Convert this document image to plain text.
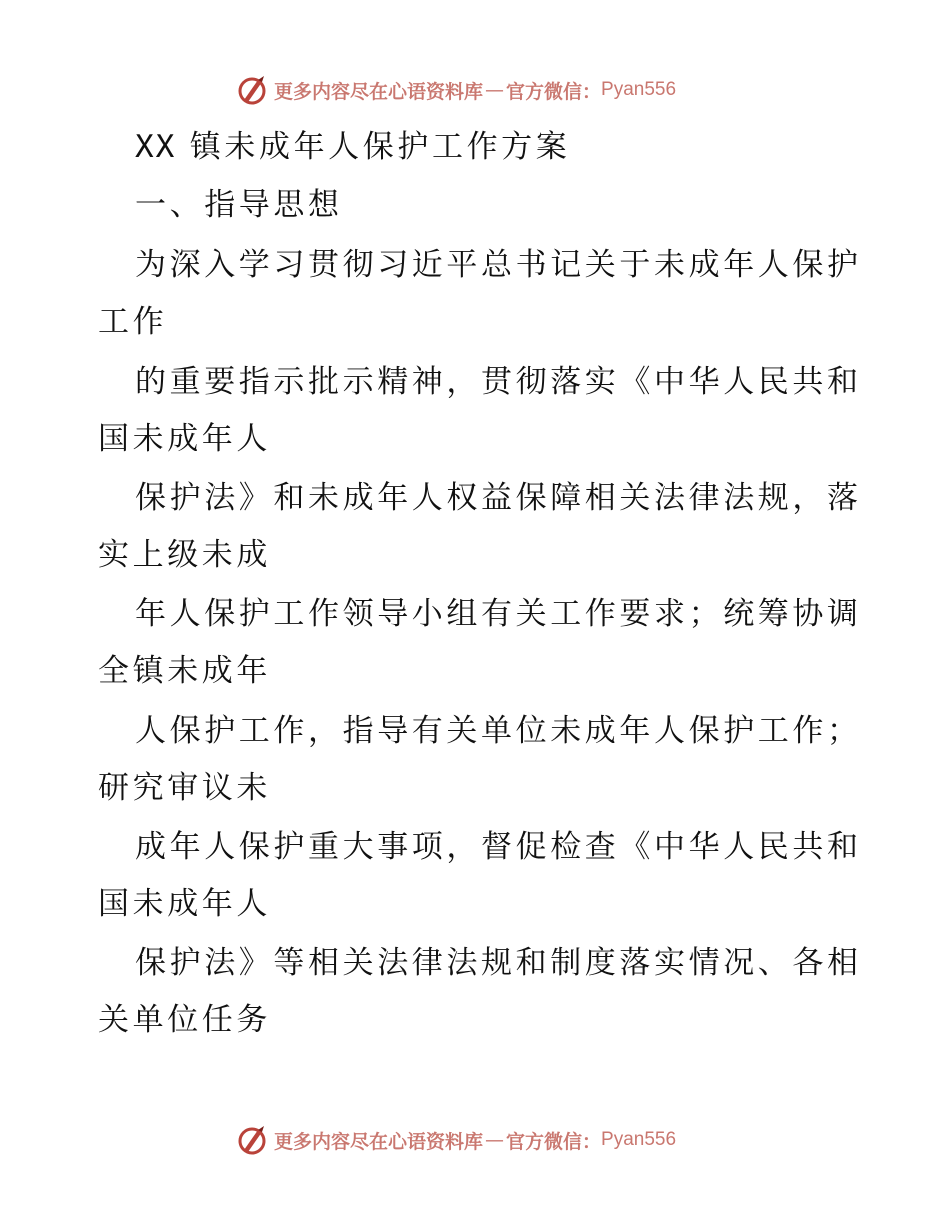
更多内容尽在心语资料库 — 官方微信： Pyan556
XX 镇未成年人保护工作方案
一、指导思想
为深入学习贯彻习近平总书记关于未成年人保护
工作
的重要指示批示精神，贯彻落实《中华人民共和
国未成年人
保护法》和未成年人权益保障相关法律法规，落
实上级未成
年人保护工作领导小组有关工作要求；统筹协调
全镇未成年
人保护工作，指导有关单位未成年人保护工作；
研究审议未
成年人保护重大事项，督促检查《中华人民共和
国未成年人
保护法》等相关法律法规和制度落实情况、各相
关单位任务
更多内容尽在心语资料库 — 官方微信： Pyan556
